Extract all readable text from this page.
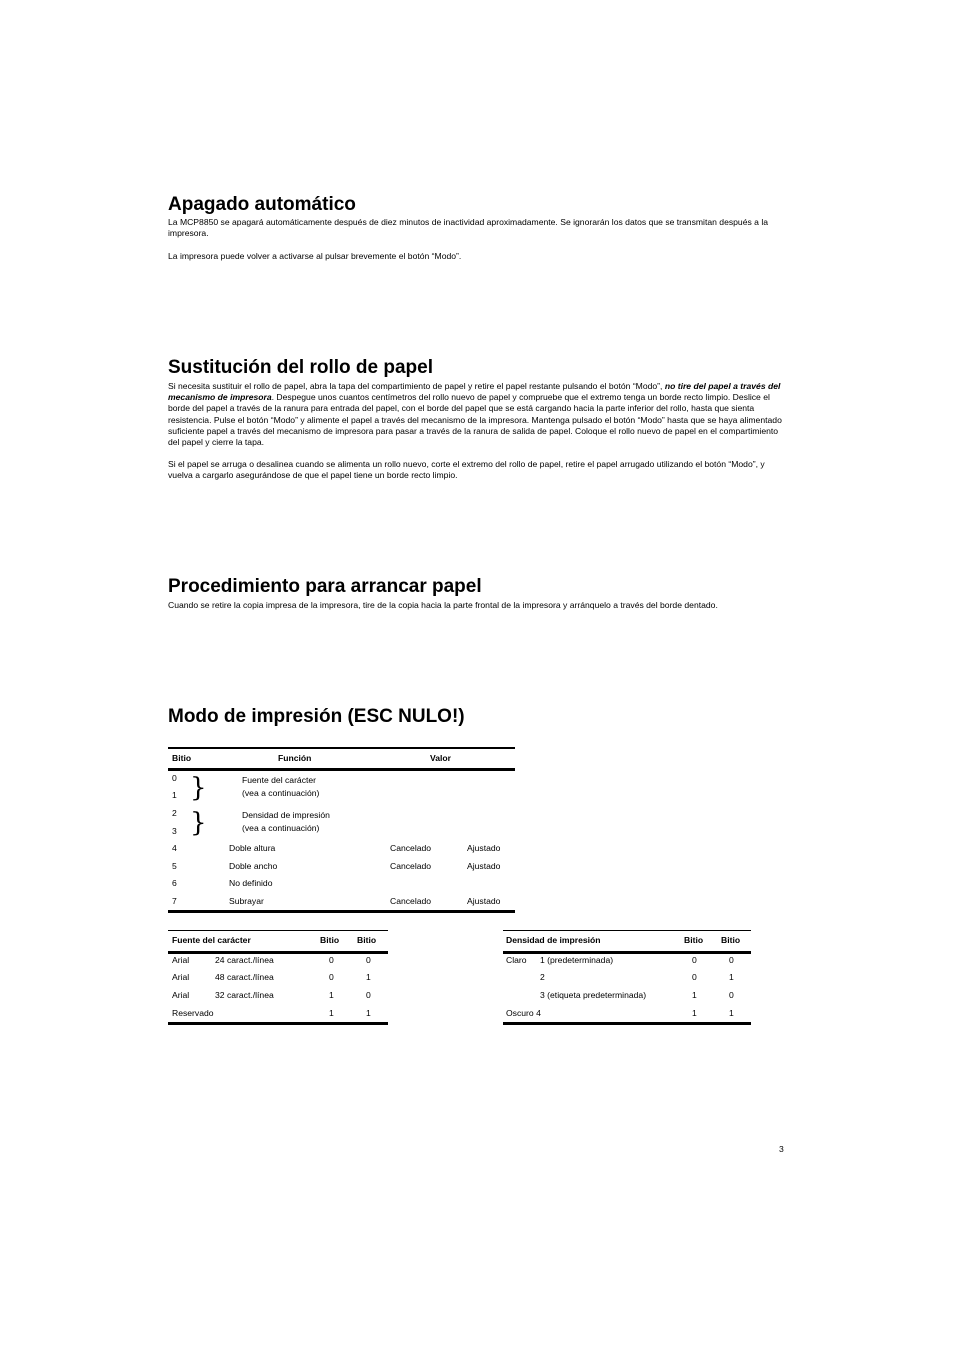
Apagado automático

La MCP8850 se apagará automáticamente después de diez minutos de inactividad aproximadamente. Se ignorarán los datos que se transmitan después a la impresora.

La impresora puede volver a activarse al pulsar brevemente el botón “Modo”.

Sustitución del rollo de papel

Si necesita sustituir el rollo de papel, abra la tapa del compartimiento de papel y retire el papel restante pulsando el botón “Modo”, no tire del papel a través del mecanismo de impresora. Despegue unos cuantos centímetros del rollo nuevo de papel y compruebe que el extremo tenga un borde recto limpio. Deslice el borde del papel a través de la ranura para entrada del papel, con el borde del papel que se está cargando hacia la parte inferior del rollo, hasta que sienta resistencia. Pulse el botón “Modo” y alimente el papel a través del mecanismo de la impresora. Mantenga pulsado el botón “Modo” hasta que se haya alimentado suficiente papel a través del mecanismo de impresora para pasar a través de la ranura de salida de papel. Coloque el rollo nuevo de papel en el compartimiento del papel y cierre la tapa.

Si el papel se arruga o desalinea cuando se alimenta un rollo nuevo, corte el extremo del rollo de papel, retire el papel arrugado utilizando el botón “Modo”, y vuelva a cargarlo asegurándose de que el papel tiene un borde recto limpio.

Procedimiento para arrancar papel

Cuando se retire la copia impresa de la impresora, tire de la copia hacia la parte frontal de la impresora y arránquelo a través del borde dentado.

Modo de impresión (ESC NULO!)
Bitio	Función	Valor
0
1 }	Fuente del carácter
(vea a continuación)
2
3 }	Densidad de impresión
(vea a continuación)
4	Doble altura	Cancelado	Ajustado
5	Doble ancho	Cancelado	Ajustado
6	No definido
7	Subrayar	Cancelado	Ajustado
Fuente del carácter	Bitio Bitio
Arial	24 caract./línea	0	0
Arial	48 caract./línea	0	1
Arial	32 caract./línea	1	0
Reservado	1	1
Densidad de impresión	Bitio Bitio
Claro 1 (predeterminada)	0	0
2	0	1
3 (etiqueta predeterminada)	1	0
Oscuro 4	1	1
3
